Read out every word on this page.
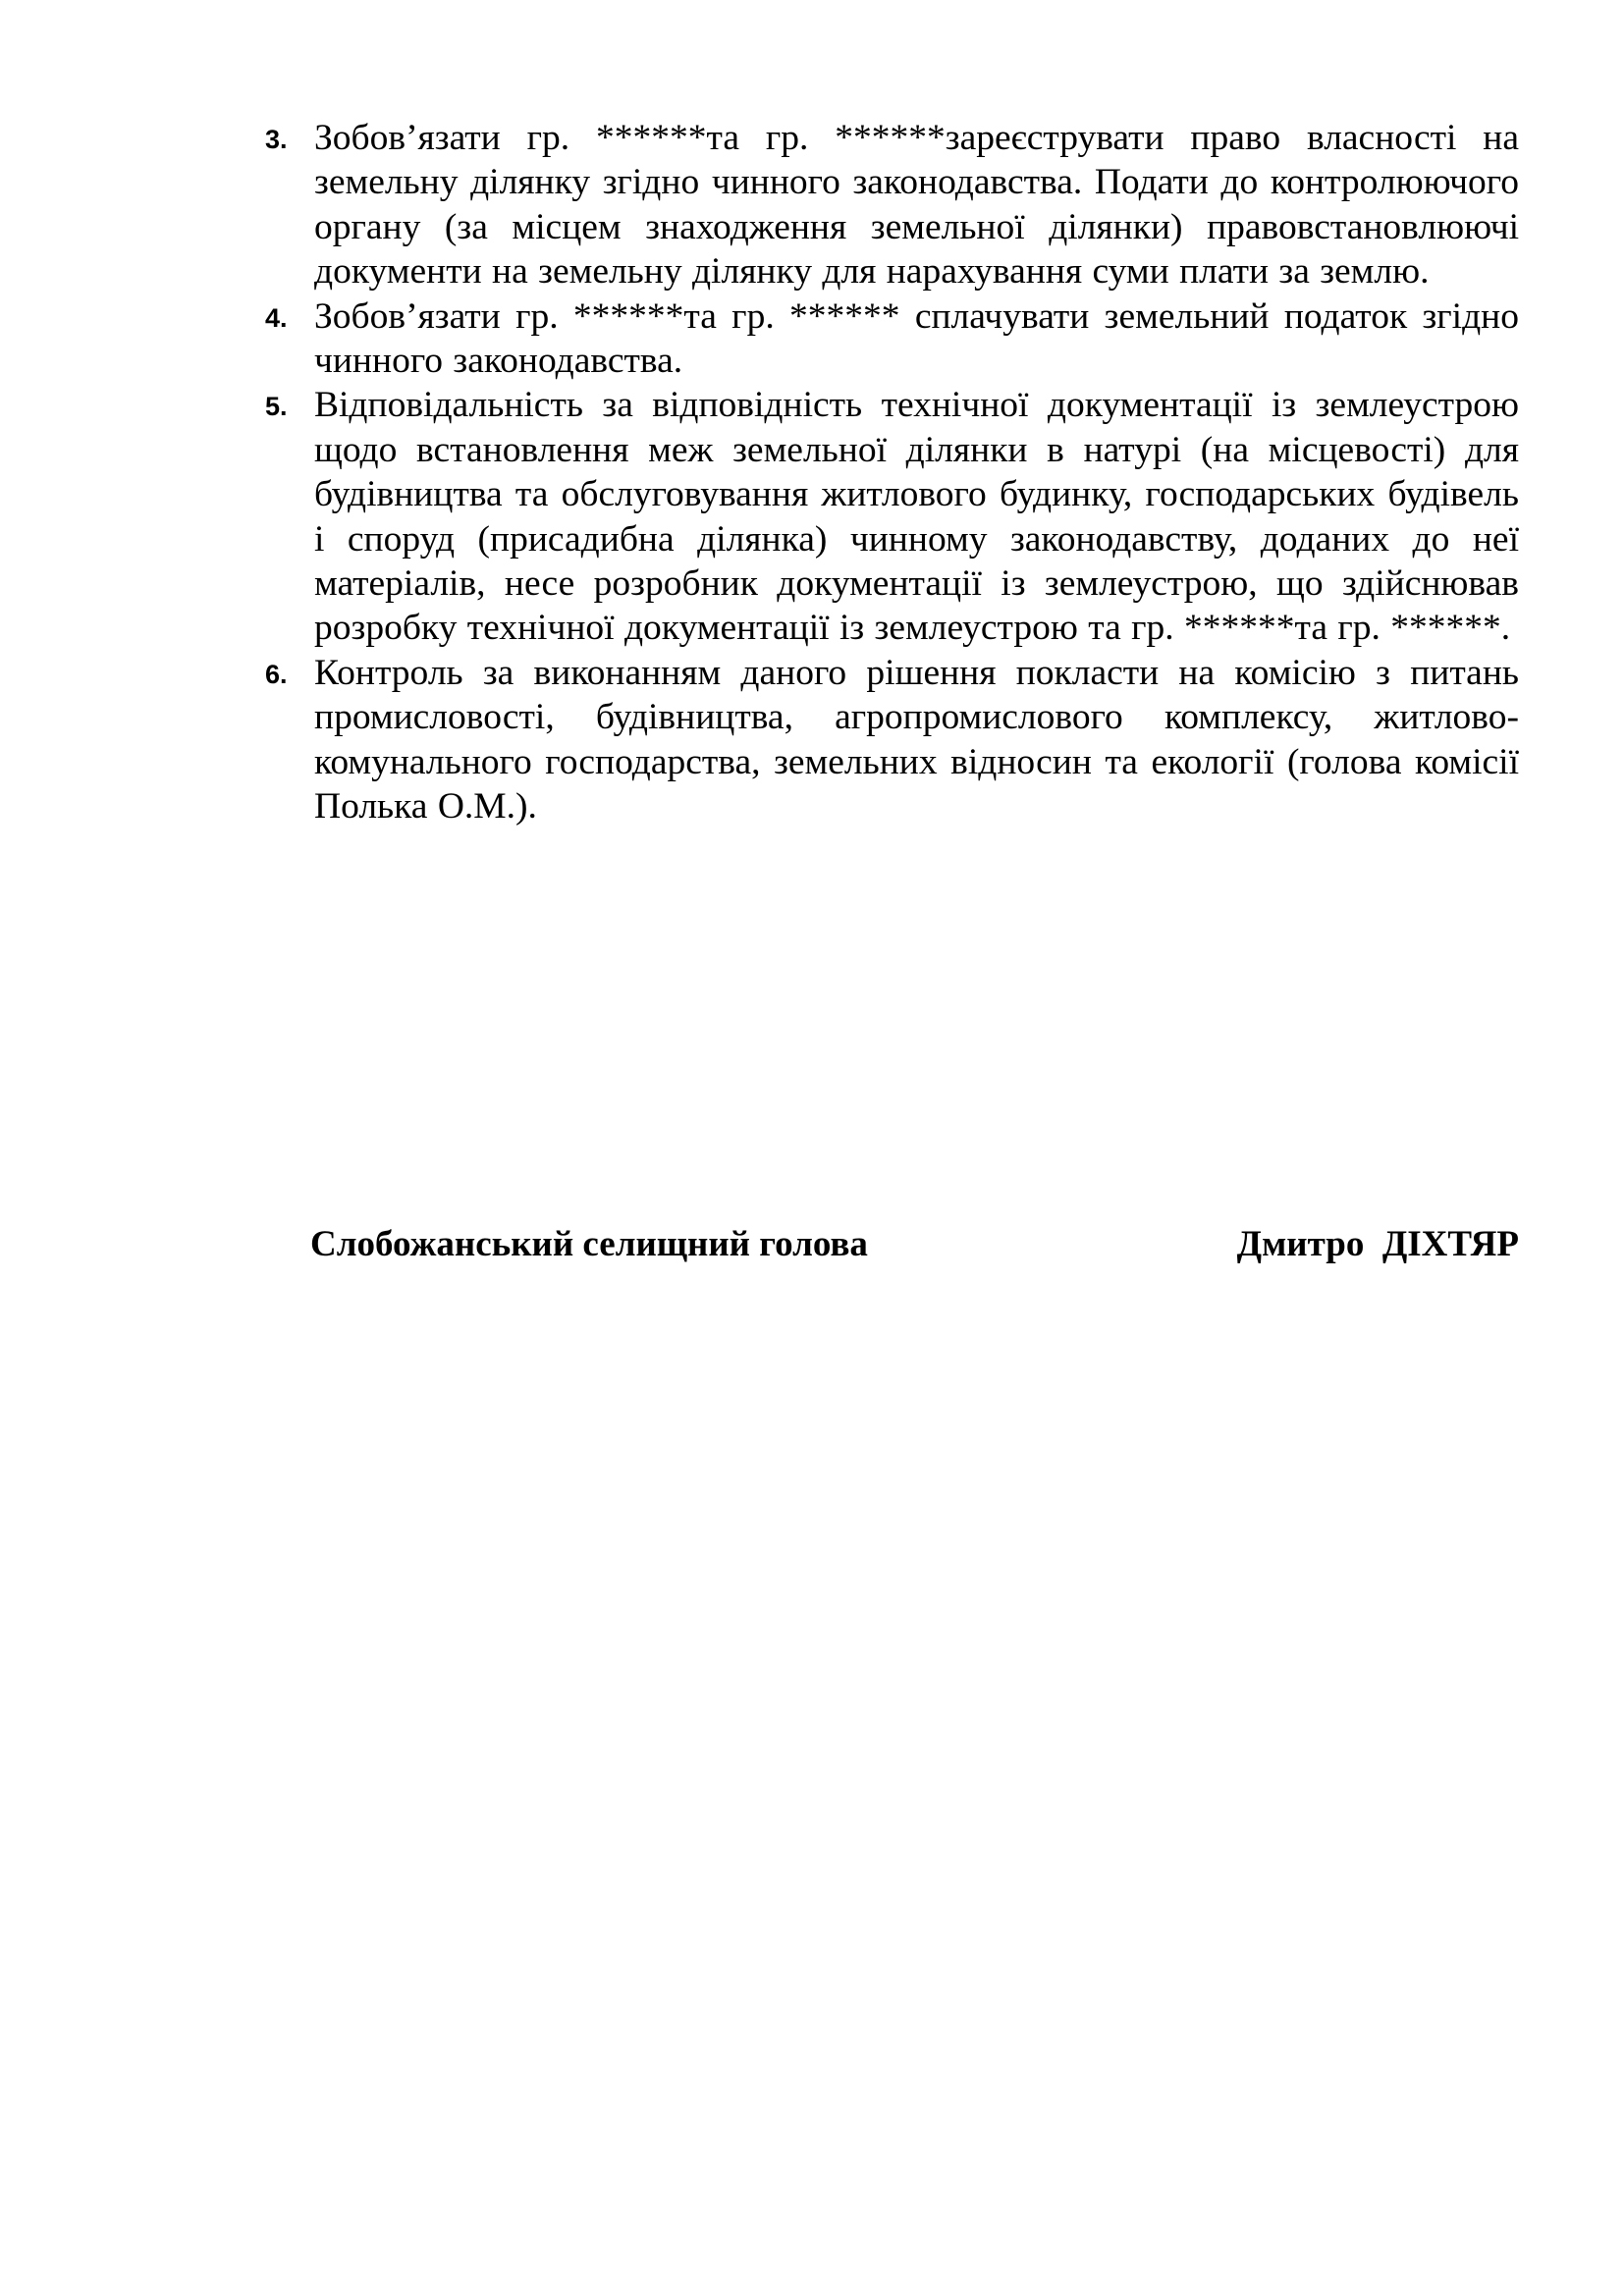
3. Зобов’язати гр. ******та гр. ******зареєструвати право власності на земельну ділянку згідно чинного законодавства. Подати до контролюючого органу (за місцем знаходження земельної ділянки) правовстановлюючі документи на земельну ділянку для нарахування суми плати за землю.
4. Зобов’язати гр. ******та гр. ****** сплачувати земельний податок згідно чинного законодавства.
5. Відповідальність за відповідність технічної документації із землеустрою щодо встановлення меж земельної ділянки в натурі (на місцевості) для будівництва та обслуговування житлового будинку, господарських будівель і споруд (присадибна ділянка) чинному законодавству, доданих до неї матеріалів, несе розробник документації із землеустрою, що здійснював розробку технічної документації із землеустрою та гр. ******та гр. ******.
6. Контроль за виконанням даного рішення покласти на комісію з питань промисловості, будівництва, агропромислового комплексу, житлово-комунального господарства, земельних відносин та екології (голова комісії Полька О.М.).
Слобожанський селищний голова	Дмитро  ДІХТЯР
